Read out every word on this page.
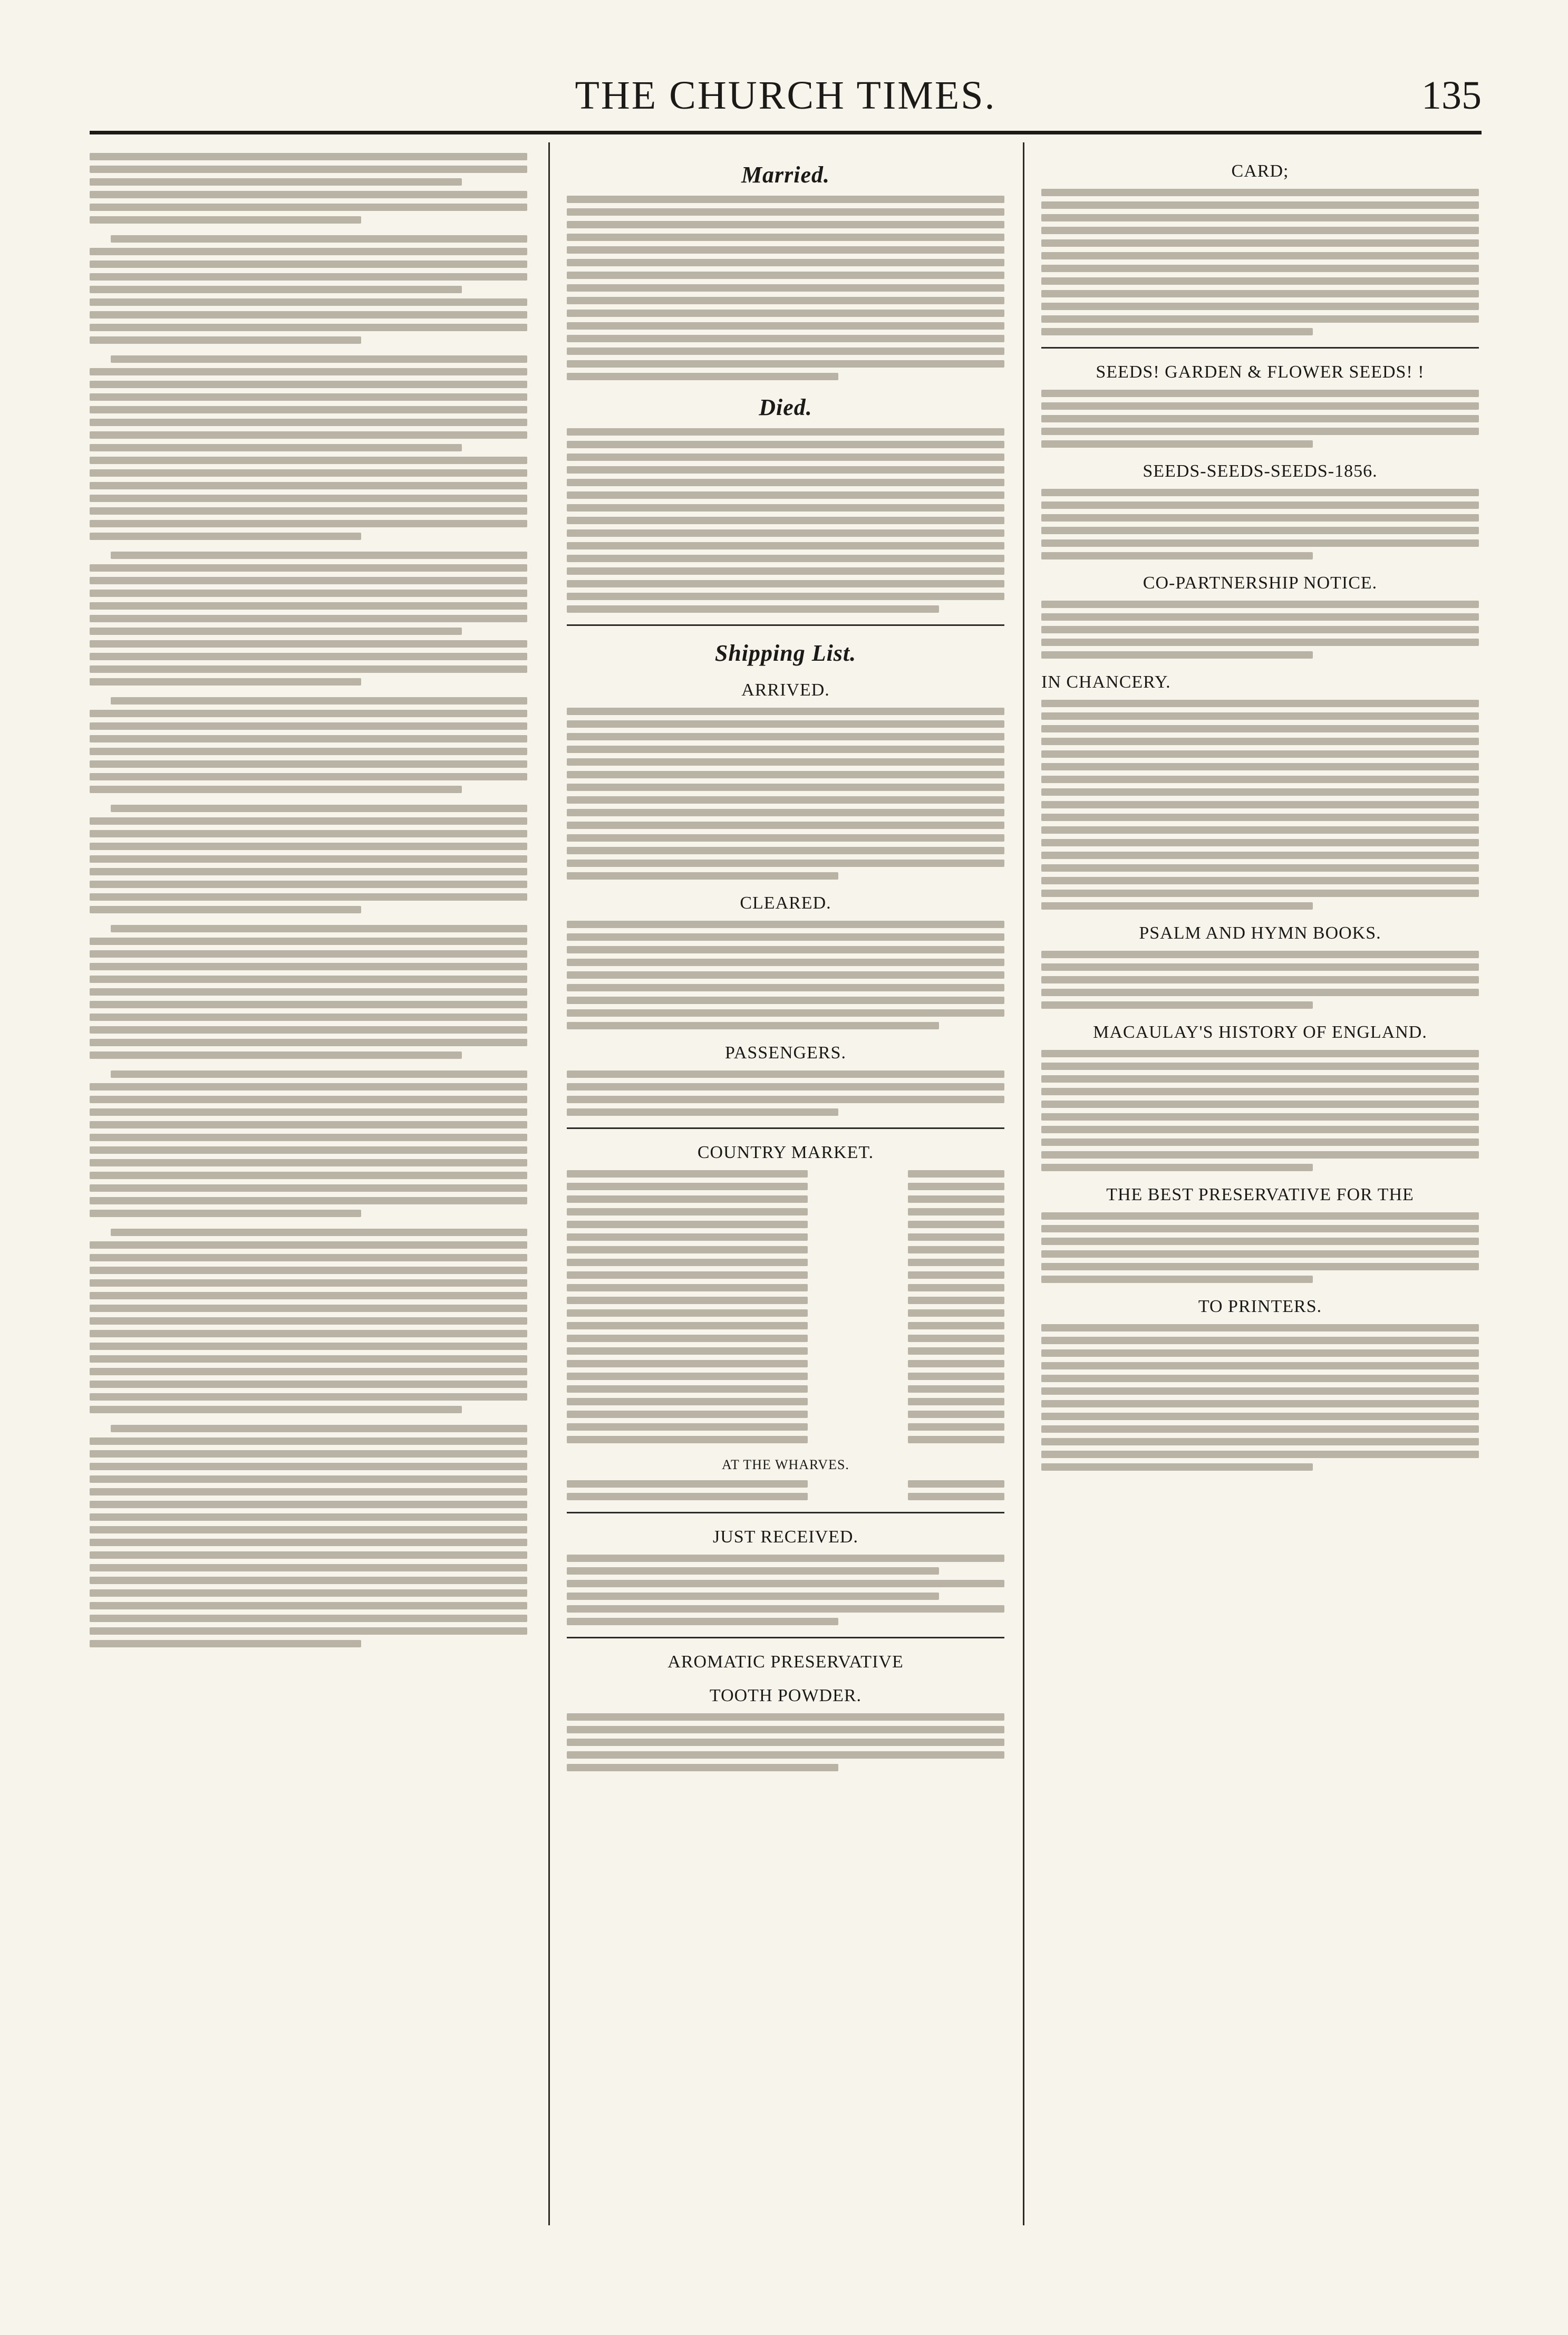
THE CHURCH TIMES.	135
Married.
Died.
Shipping List.
ARRIVED.
CLEARED.
PASSENGERS.
COUNTRY MARKET.
AT THE WHARVES.
JUST RECEIVED.
AROMATIC PRESERVATIVE
TOOTH POWDER.
CARD;
SEEDS! GARDEN & FLOWER SEEDS! !
SEEDS-SEEDS-SEEDS-1856.
CO-PARTNERSHIP NOTICE.
IN CHANCERY.
PSALM AND HYMN BOOKS.
MACAULAY'S HISTORY OF ENGLAND.
THE BEST PRESERVATIVE FOR THE
TO PRINTERS.
